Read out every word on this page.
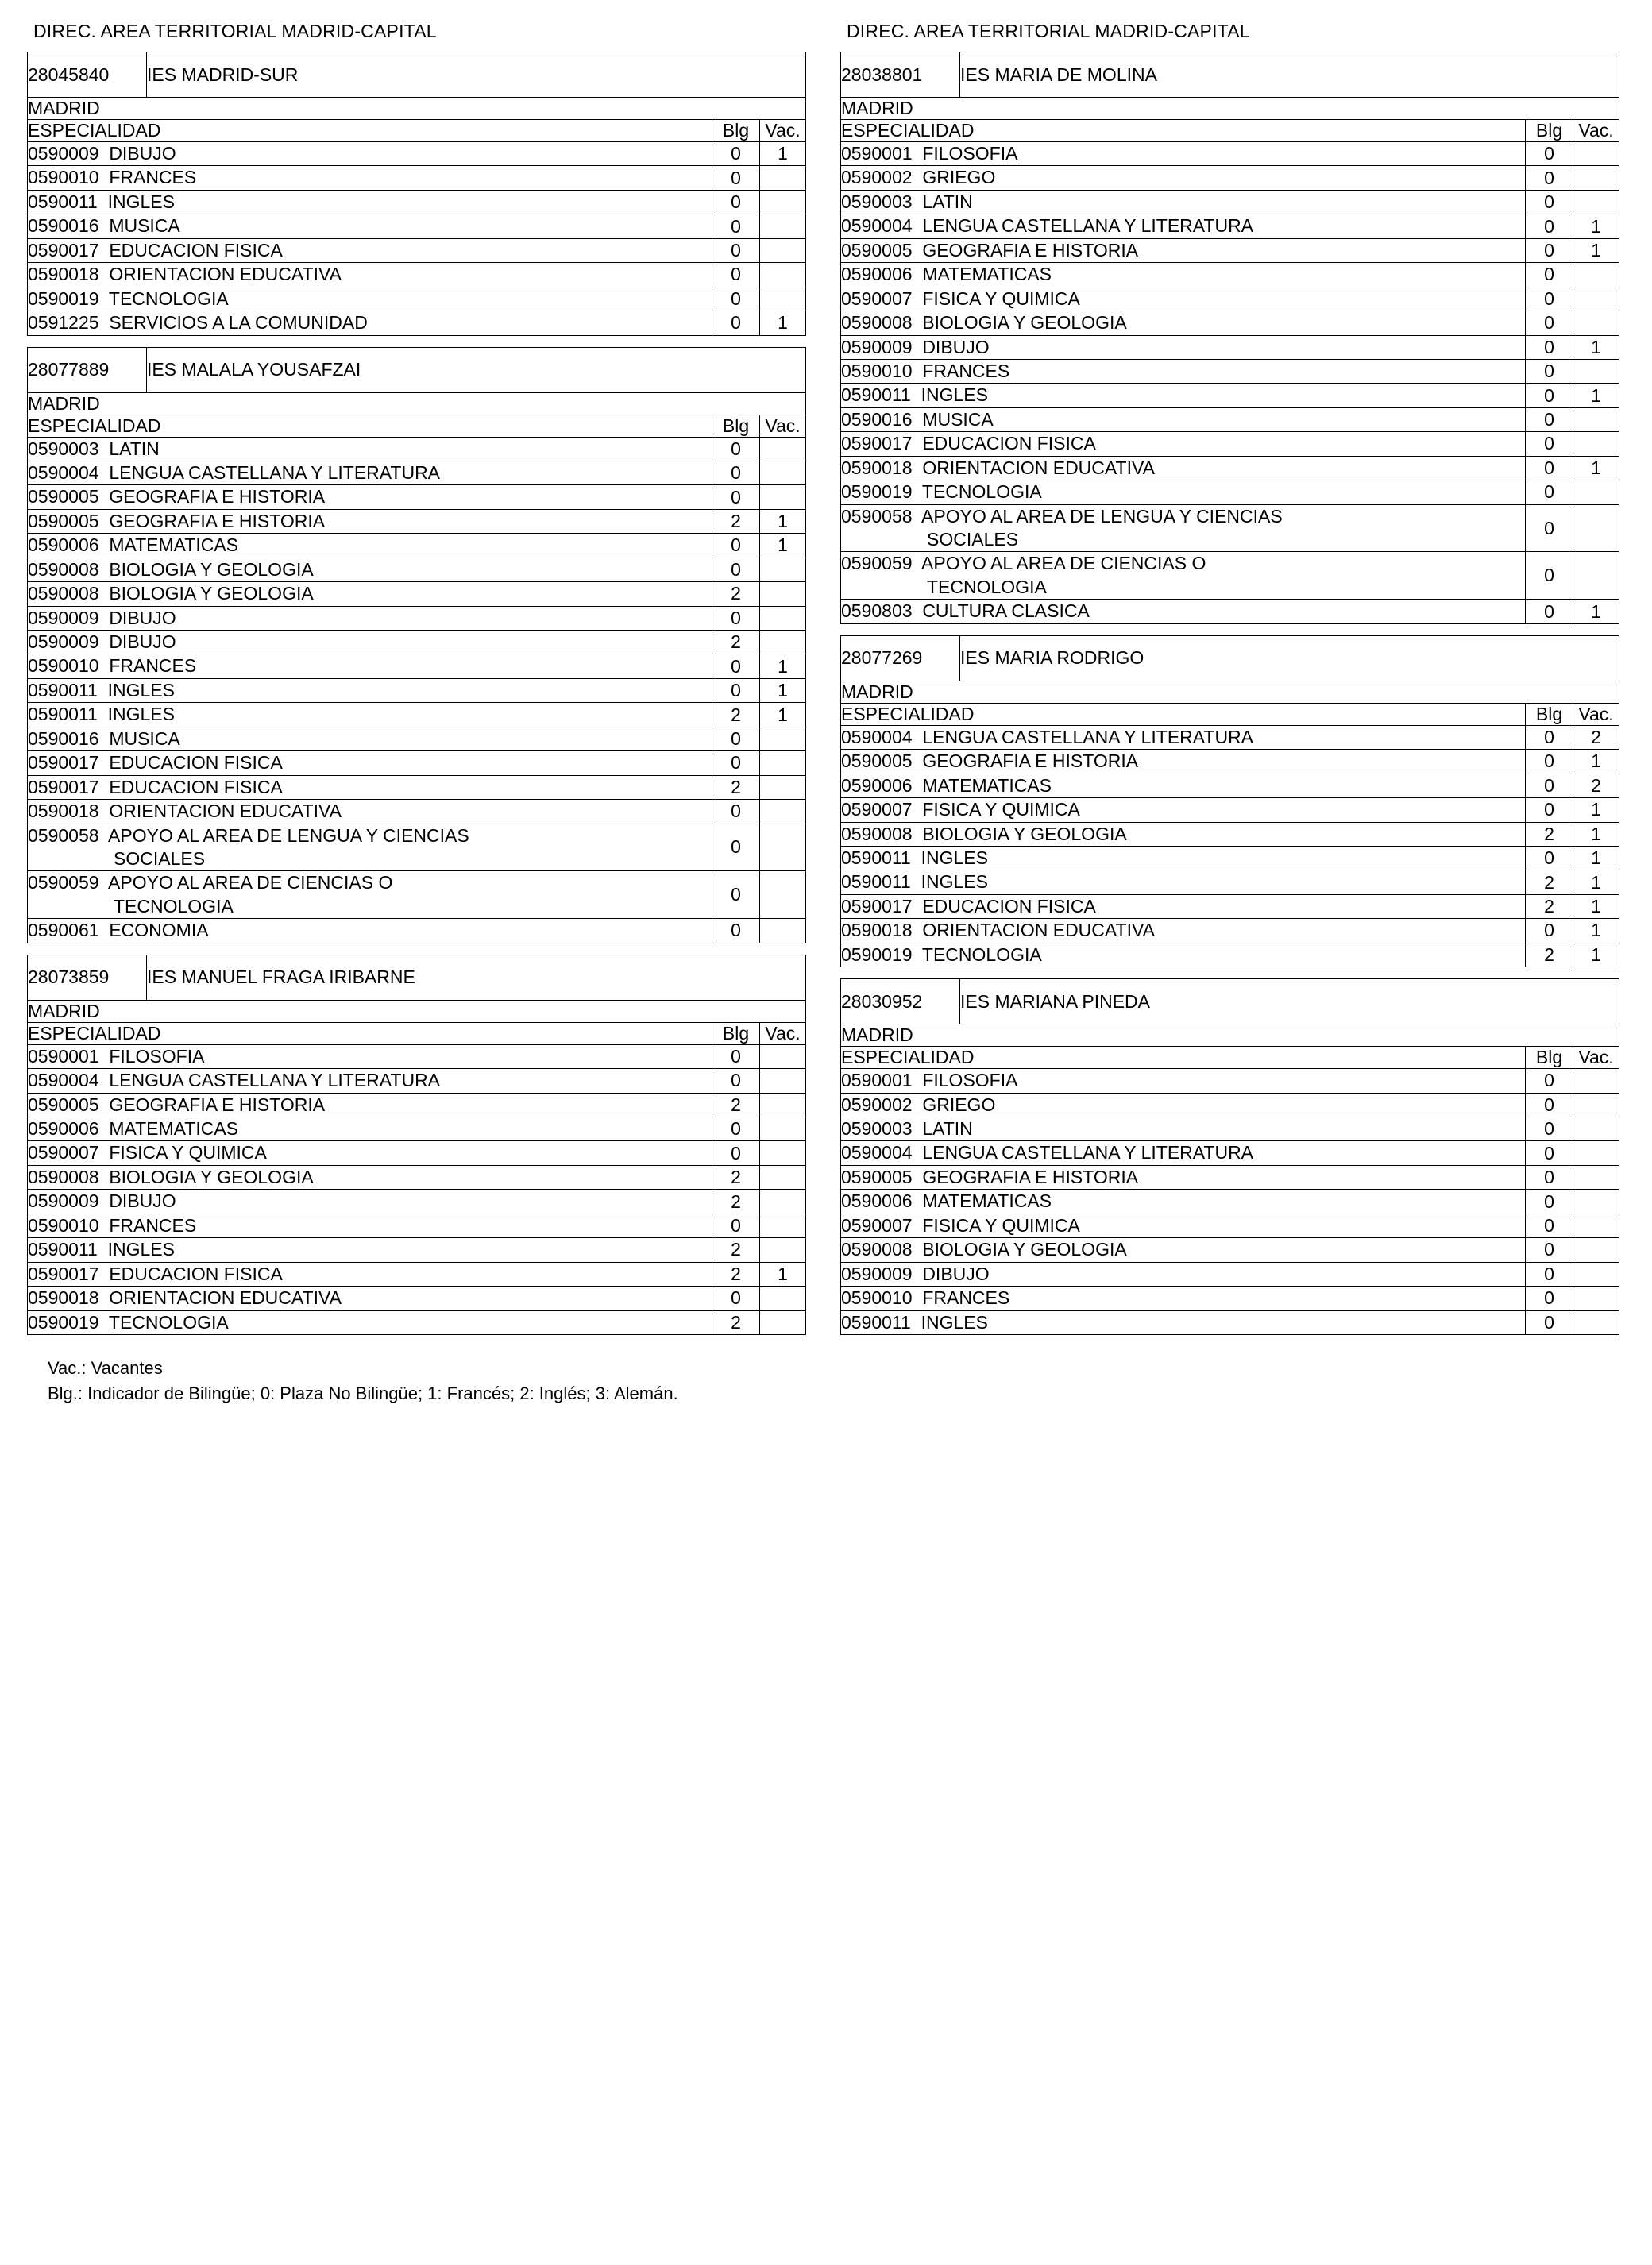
DIREC. AREA TERRITORIAL MADRID-CAPITAL
28045840	IES MADRID-SUR		
MADRID			
ESPECIALIDAD		Blg	Vac.
0590009  DIBUJO		0	1
0590010  FRANCES		0	
0590011  INGLES		0	
0590016  MUSICA		0	
0590017  EDUCACION FISICA		0	
0590018  ORIENTACION EDUCATIVA		0	
0590019  TECNOLOGIA		0	
0591225  SERVICIOS A LA COMUNIDAD		0	1
28077889	IES MALALA YOUSAFZAI		
MADRID			
ESPECIALIDAD		Blg	Vac.
0590003  LATIN		0	
0590004  LENGUA CASTELLANA Y LITERATURA		0	
0590005  GEOGRAFIA E HISTORIA		0	
0590005  GEOGRAFIA E HISTORIA		2	1
0590006  MATEMATICAS		0	1
0590008  BIOLOGIA Y GEOLOGIA		0	
0590008  BIOLOGIA Y GEOLOGIA		2	
0590009  DIBUJO		0	
0590009  DIBUJO		2	
0590010  FRANCES		0	1
0590011  INGLES		0	1
0590011  INGLES		2	1
0590016  MUSICA		0	
0590017  EDUCACION FISICA		0	
0590017  EDUCACION FISICA		2	
0590018  ORIENTACION EDUCATIVA		0	

0590058  APOYO AL AREA DE LENGUA Y CIENCIAS
SOCIALES		0	

0590059  APOYO AL AREA DE CIENCIAS O
TECNOLOGIA		0	
0590061  ECONOMIA		0	
28073859	IES MANUEL FRAGA IRIBARNE		
MADRID			
ESPECIALIDAD		Blg	Vac.
0590001  FILOSOFIA		0	
0590004  LENGUA CASTELLANA Y LITERATURA		0	
0590005  GEOGRAFIA E HISTORIA		2	
0590006  MATEMATICAS		0	
0590007  FISICA Y QUIMICA		0	
0590008  BIOLOGIA Y GEOLOGIA		2	
0590009  DIBUJO		2	
0590010  FRANCES		0	
0590011  INGLES		2	
0590017  EDUCACION FISICA		2	1
0590018  ORIENTACION EDUCATIVA		0	
0590019  TECNOLOGIA		2	
DIREC. AREA TERRITORIAL MADRID-CAPITAL
28038801	IES MARIA DE MOLINA		
MADRID			
ESPECIALIDAD		Blg	Vac.
0590001  FILOSOFIA		0	
0590002  GRIEGO		0	
0590003  LATIN		0	
0590004  LENGUA CASTELLANA Y LITERATURA		0	1
0590005  GEOGRAFIA E HISTORIA		0	1
0590006  MATEMATICAS		0	
0590007  FISICA Y QUIMICA		0	
0590008  BIOLOGIA Y GEOLOGIA		0	
0590009  DIBUJO		0	1
0590010  FRANCES		0	
0590011  INGLES		0	1
0590016  MUSICA		0	
0590017  EDUCACION FISICA		0	
0590018  ORIENTACION EDUCATIVA		0	1
0590019  TECNOLOGIA		0	

0590058  APOYO AL AREA DE LENGUA Y CIENCIAS
SOCIALES		0	

0590059  APOYO AL AREA DE CIENCIAS O
TECNOLOGIA		0	
0590803  CULTURA CLASICA		0	1
28077269	IES MARIA RODRIGO		
MADRID			
ESPECIALIDAD		Blg	Vac.
0590004  LENGUA CASTELLANA Y LITERATURA		0	2
0590005  GEOGRAFIA E HISTORIA		0	1
0590006  MATEMATICAS		0	2
0590007  FISICA Y QUIMICA		0	1
0590008  BIOLOGIA Y GEOLOGIA		2	1
0590011  INGLES		0	1
0590011  INGLES		2	1
0590017  EDUCACION FISICA		2	1
0590018  ORIENTACION EDUCATIVA		0	1
0590019  TECNOLOGIA		2	1
28030952	IES MARIANA PINEDA		
MADRID			
ESPECIALIDAD		Blg	Vac.
0590001  FILOSOFIA		0	
0590002  GRIEGO		0	
0590003  LATIN		0	
0590004  LENGUA CASTELLANA Y LITERATURA		0	
0590005  GEOGRAFIA E HISTORIA		0	
0590006  MATEMATICAS		0	
0590007  FISICA Y QUIMICA		0	
0590008  BIOLOGIA Y GEOLOGIA		0	
0590009  DIBUJO		0	
0590010  FRANCES		0	
0590011  INGLES		0	
Vac.: Vacantes
Blg.: Indicador de Bilingüe; 0: Plaza No Bilingüe; 1: Francés; 2: Inglés; 3: Alemán.
